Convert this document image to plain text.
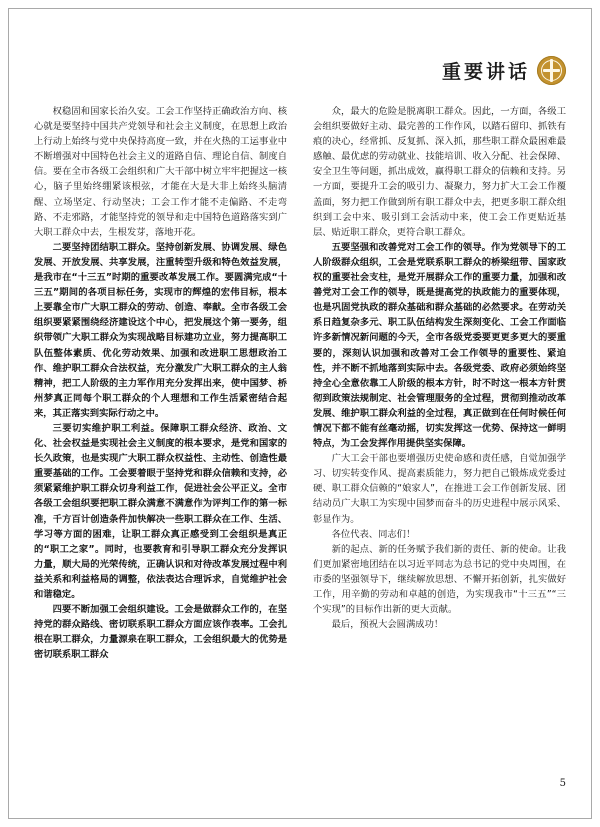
重要讲话

权稳固和国家长治久安。工会工作坚持正确政治方向、核心就是要坚持中国共产党领导和社会主义制度，在思想上政治上行动上始终与党中央保持高度一致，并在火热的工运事业中不断增强对中国特色社会主义的道路自信、理论自信、制度自信。要在全市各级工会组织和广大干部中树立牢牢把握这一核心，脑子里始终绷紧该根弦，才能在大是大非上始终头脑清醒、立场坚定、行动坚决；工会工作才能不走偏路、不走弯路、不走邪路，才能坚持党的领导和走中国特色道路落实到广大职工群众中去，生根发芽，落地开花。

二要坚持团结职工群众。坚持创新发展、协调发展、绿色发展、开放发展、共享发展，注重转型升级和特色效益发展，是我市在“十三五”时期的重要改革发展工作。要圆满完成“十三五”期间的各项目标任务，实现市的辉煌的宏伟目标，根本上要靠全市广大职工群众的劳动、创造、奉献。全市各级工会组织要紧紧围绕经济建设这个中心，把发展这个第一要务，组织带领广大职工群众为实现战略目标建功立业，努力提高职工队伍整体素质、优化劳动效果、加强和改进职工思想政治工作、维护职工群众合法权益，充分激发广大职工群众的主人翁精神，把工人阶级的主力军作用充分发挥出来，使中国梦、桥州梦真正同每个职工群众的个人理想和工作生活紧密结合起来，其正落实到实际行动之中。

三要切实维护职工利益。保障职工群众经济、政治、文化、社会权益是实现社会主义制度的根本要求，是党和国家的长久政策，也是实现广大职工群众权益性、主动性、创造性最重要基础的工作。工会要着眼于坚持党和群众信赖和支持，必须紧紧维护职工群众切身利益工作，促进社会公平正义。全市各级工会组织要把职工群众满意不满意作为评判工作的第一标准，千方百计创造条件加快解决一些职工群众在工作、生活、学习等方面的困难，让职工群众真正感受到工会组织是真正的“职工之家”。同时，也要教育和引导职工群众充分发挥识力量，顺大局的光荣传统，正确认识和对待改革发展过程中利益关系和利益格局的调整，依法表达合理诉求，自觉维护社会和谐稳定。

四要不断加强工会组织建设。工会是做群众工作的，在坚持党的群众路线、密切联系职工群众方面应该作表率。工会扎根在职工群众，力量源泉在职工群众，工会组织最大的优势是密切联系职工群众

众，最大的危险是脱离职工群众。因此，一方面，各级工会组织要做好主动、最完善的工作作风，以踏石留印、抓铁有痕的决心，经常抓、反复抓、深入抓，那些职工群众最困难最感触、最优虑的劳动就业、技能培训、收入分配、社会保障、安全卫生等问题，抓出成效，赢得职工群众的信赖和支持。另一方面，要提升工会的吸引力、凝聚力，努力扩大工会工作覆盖面，努力把工作做到所有职工群众中去，把更多职工群众组织到工会中来、吸引到工会活动中来，使工会工作更贴近基层、贴近职工群众，更符合职工群众。

五要坚强和改善党对工会工作的领导。作为党领导下的工人阶级群众组织，工会是党联系职工群众的桥梁纽带、国家政权的重要社会支柱，是党开展群众工作的重要力量，加强和改善党对工会工作的领导，既是提高党的执政能力的重要体现，也是巩固党执政的群众基础和群众基础的必然要求。在劳动关系日趋复杂多元、职工队伍结构发生深刻变化、工会工作面临许多新情况新问题的今天，全市各级党委要更更多更大的要重要的，深刻认识加强和改善对工会工作领导的重要性、紧迫性，并不断不抓地落到实际中去。各级党委、政府必须始终坚持全心全意依靠工人阶级的根本方针，时不时这一根本方针贯彻到政策法规制定、社会管理服务的全过程，贯彻到推动改革发展、维护职工群众利益的全过程，真正做到在任何时候任何情况下都不能有丝毫动摇，切实发挥这一优势、保持这一鲜明特点，为工会发挥作用提供坚实保障。

广大工会干部也要增强历史使命感和责任感，自觉加强学习、切实转变作风、提高素质能力，努力把自己锻炼成党委过硬、职工群众信赖的“娘家人”，在推进工会工作创新发展、团结动员广大职工为实现中国梦而奋斗的历史进程中展示风采、彰显作为。

各位代表、同志们！

新的起点、新的任务赋予我们新的责任、新的使命。让我们更加紧密地团结在以习近平同志为总书记的党中央周围，在市委的坚强领导下，继续解放思想、不懈开拓创新，扎实做好工作，用辛勤的劳动和卓越的创造，为实现我市“十三五”“三个实现”的目标作出新的更大贡献。

最后，预祝大会圆满成功！

5
